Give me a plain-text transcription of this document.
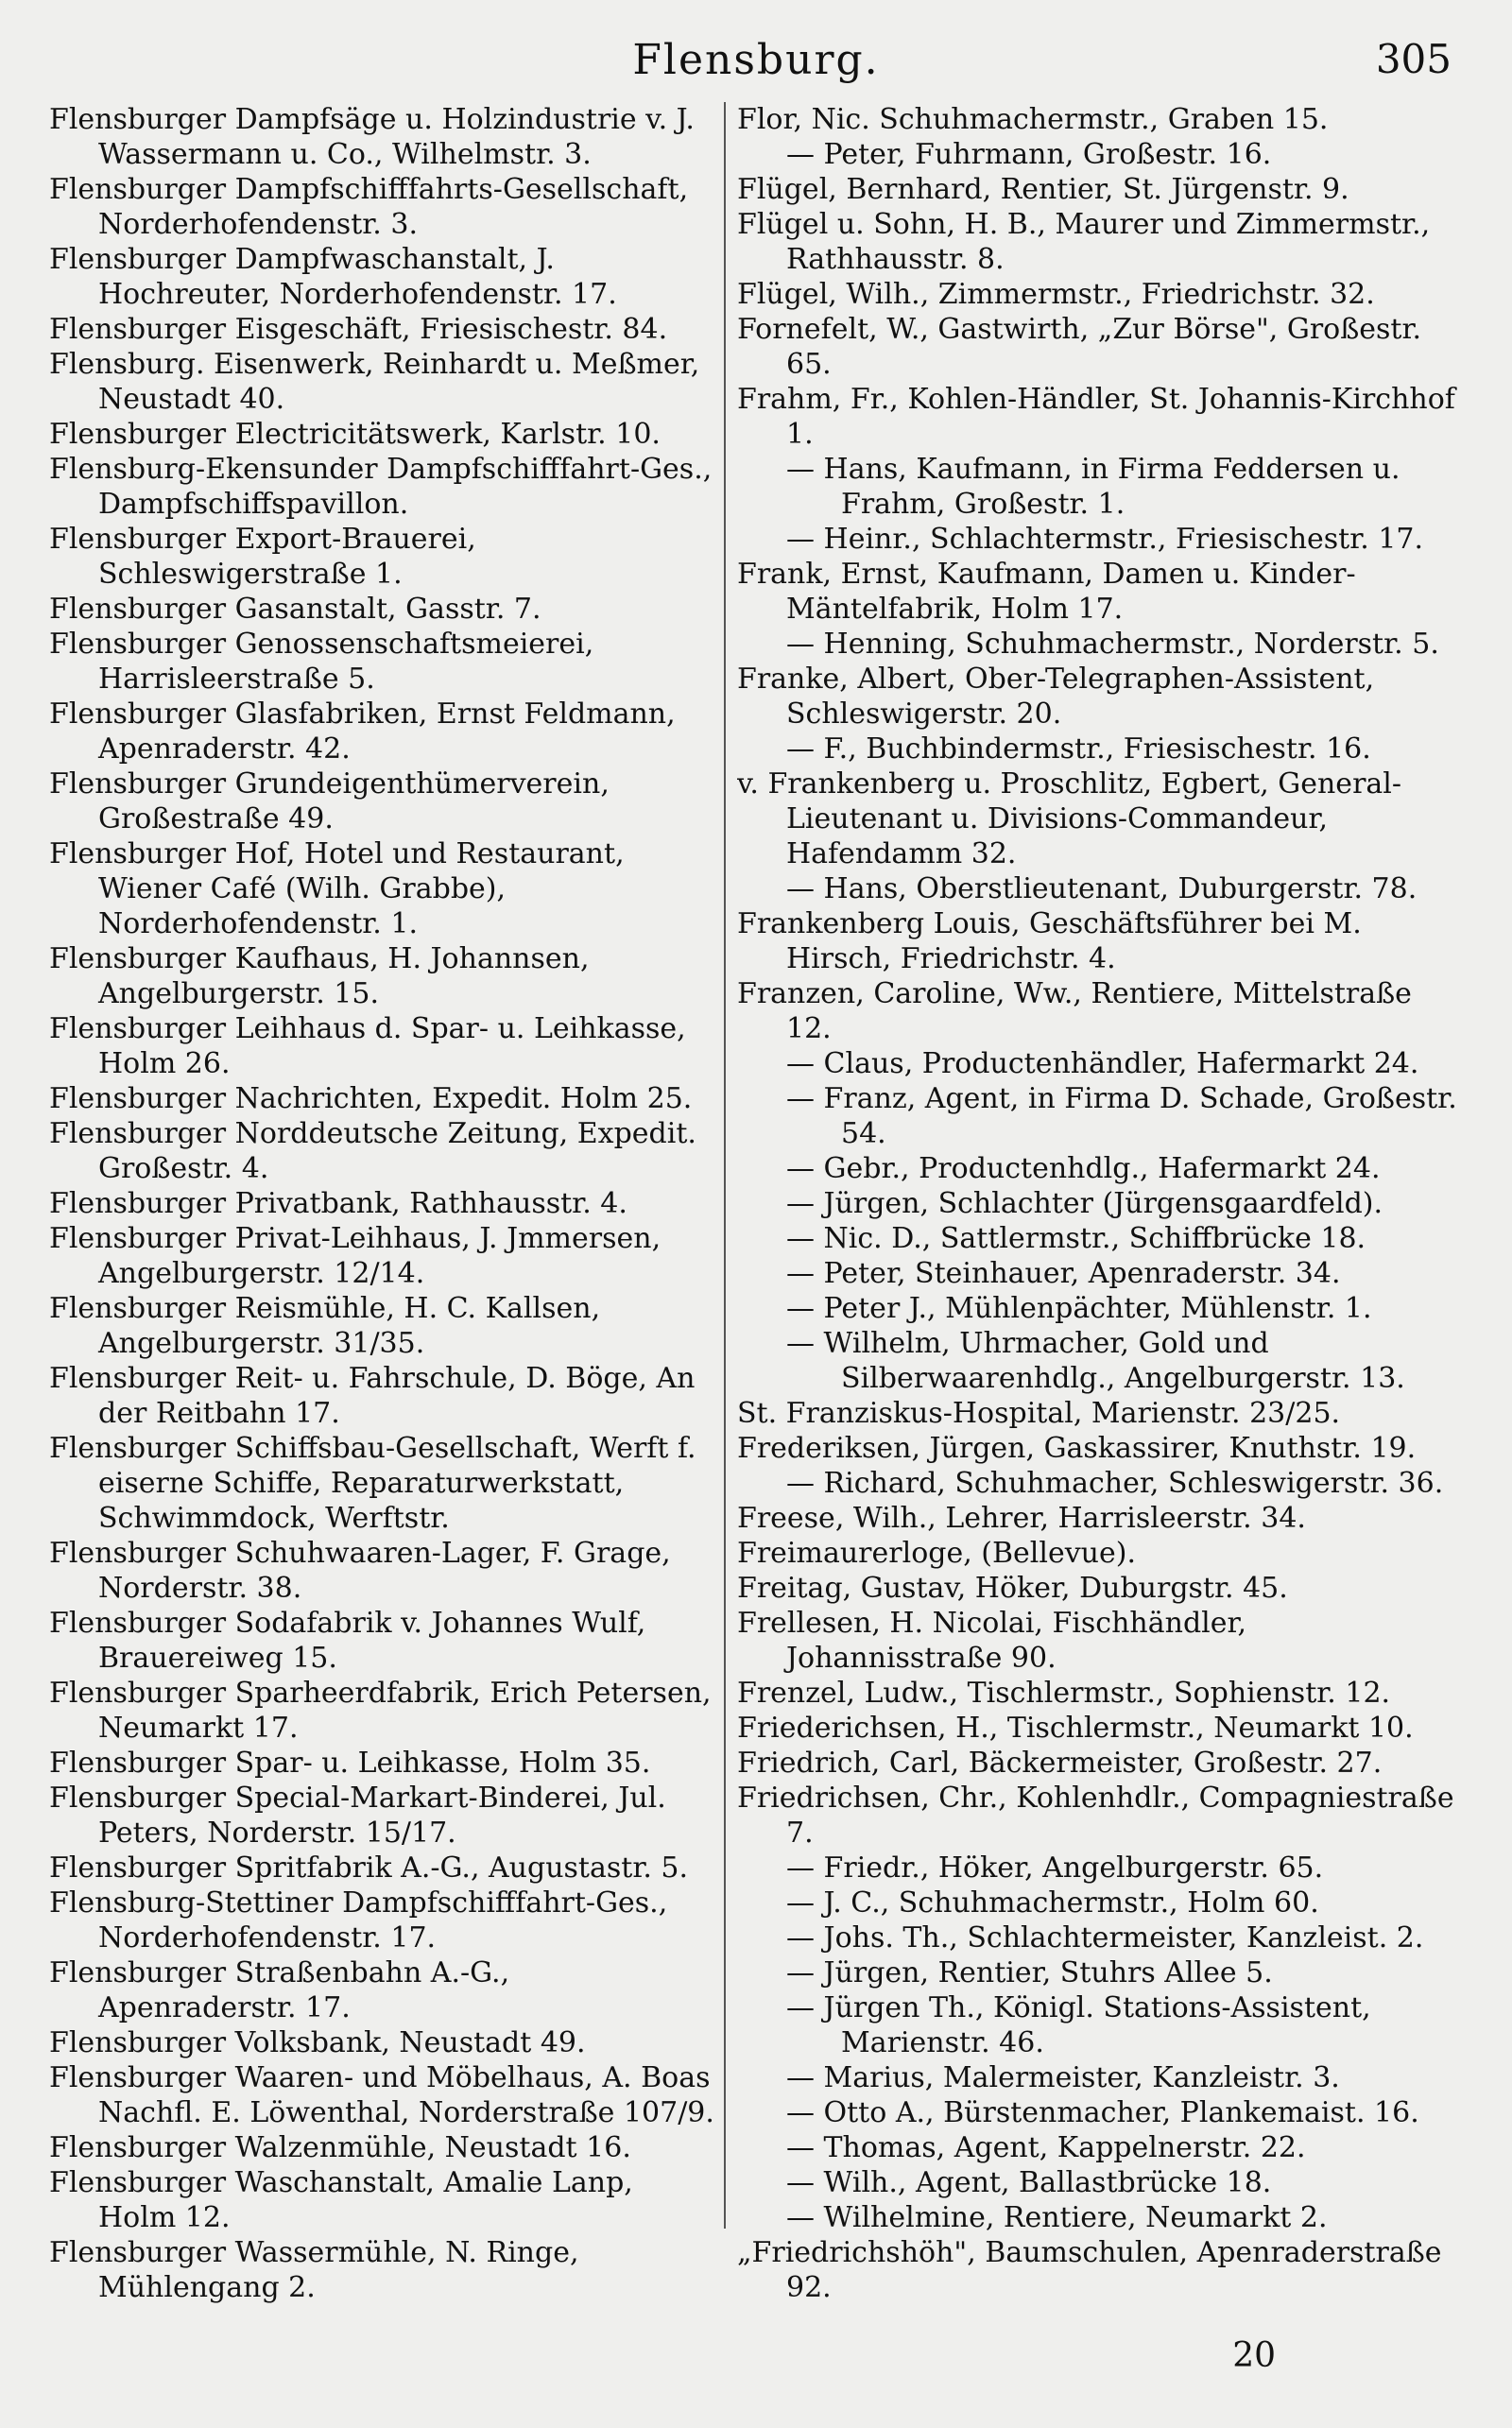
Flensburg.	305

Flensburger Dampfsäge u. Holzindustrie v. J. Wassermann u. Co., Wilhelmstr. 3.

Flensburger Dampfschifffahrts-Gesellschaft, Norderhofendenstr. 3.

Flensburger Dampfwaschanstalt, J. Hochreuter, Norderhofendenstr. 17.

Flensburger Eisgeschäft, Friesischestr. 84.

Flensburg. Eisenwerk, Reinhardt u. Meßmer, Neustadt 40.

Flensburger Electricitätswerk, Karlstr. 10.

Flensburg-Ekensunder Dampfschifffahrt-Ges., Dampfschiffspavillon.

Flensburger Export-Brauerei, Schleswigerstraße 1.

Flensburger Gasanstalt, Gasstr. 7.

Flensburger Genossenschaftsmeierei, Harrisleerstraße 5.

Flensburger Glasfabriken, Ernst Feldmann, Apenraderstr. 42.

Flensburger Grundeigenthümerverein, Großestraße 49.

Flensburger Hof, Hotel und Restaurant, Wiener Café (Wilh. Grabbe), Norderhofendenstr. 1.

Flensburger Kaufhaus, H. Johannsen, Angelburgerstr. 15.

Flensburger Leihhaus d. Spar- u. Leihkasse, Holm 26.

Flensburger Nachrichten, Expedit. Holm 25.

Flensburger Norddeutsche Zeitung, Expedit. Großestr. 4.

Flensburger Privatbank, Rathhausstr. 4.

Flensburger Privat-Leihhaus, J. Jmmersen, Angelburgerstr. 12/14.

Flensburger Reismühle, H. C. Kallsen, Angelburgerstr. 31/35.

Flensburger Reit- u. Fahrschule, D. Böge, An der Reitbahn 17.

Flensburger Schiffsbau-Gesellschaft, Werft f. eiserne Schiffe, Reparaturwerkstatt, Schwimmdock, Werftstr.

Flensburger Schuhwaaren-Lager, F. Grage, Norderstr. 38.

Flensburger Sodafabrik v. Johannes Wulf, Brauereiweg 15.

Flensburger Sparheerdfabrik, Erich Petersen, Neumarkt 17.

Flensburger Spar- u. Leihkasse, Holm 35.

Flensburger Special-Markart-Binderei, Jul. Peters, Norderstr. 15/17.

Flensburger Spritfabrik A.-G., Augustastr. 5.

Flensburg-Stettiner Dampfschifffahrt-Ges., Norderhofendenstr. 17.

Flensburger Straßenbahn A.-G., Apenraderstr. 17.

Flensburger Volksbank, Neustadt 49.

Flensburger Waaren- und Möbelhaus, A. Boas Nachfl. E. Löwenthal, Norderstraße 107/9.

Flensburger Walzenmühle, Neustadt 16.

Flensburger Waschanstalt, Amalie Lanp, Holm 12.

Flensburger Wassermühle, N. Ringe, Mühlengang 2.

Flor, Nic. Schuhmachermstr., Graben 15.

— Peter, Fuhrmann, Großestr. 16.

Flügel, Bernhard, Rentier, St. Jürgenstr. 9.

Flügel u. Sohn, H. B., Maurer und Zimmermstr., Rathhausstr. 8.

Flügel, Wilh., Zimmermstr., Friedrichstr. 32.

Fornefelt, W., Gastwirth, „Zur Börse", Großestr. 65.

Frahm, Fr., Kohlen-Händler, St. Johannis-Kirchhof 1.

— Hans, Kaufmann, in Firma Feddersen u. Frahm, Großestr. 1.

— Heinr., Schlachtermstr., Friesischestr. 17.

Frank, Ernst, Kaufmann, Damen u. Kinder-Mäntelfabrik, Holm 17.

— Henning, Schuhmachermstr., Norderstr. 5.

Franke, Albert, Ober-Telegraphen-Assistent, Schleswigerstr. 20.

— F., Buchbindermstr., Friesischestr. 16.

v. Frankenberg u. Proschlitz, Egbert, General-Lieutenant u. Divisions-Commandeur, Hafendamm 32.

— Hans, Oberstlieutenant, Duburgerstr. 78.

Frankenberg Louis, Geschäftsführer bei M. Hirsch, Friedrichstr. 4.

Franzen, Caroline, Ww., Rentiere, Mittelstraße 12.

— Claus, Productenhändler, Hafermarkt 24.

— Franz, Agent, in Firma D. Schade, Großestr. 54.

— Gebr., Productenhdlg., Hafermarkt 24.

— Jürgen, Schlachter (Jürgensgaardfeld).

— Nic. D., Sattlermstr., Schiffbrücke 18.

— Peter, Steinhauer, Apenraderstr. 34.

— Peter J., Mühlenpächter, Mühlenstr. 1.

— Wilhelm, Uhrmacher, Gold und Silberwaarenhdlg., Angelburgerstr. 13.

St. Franziskus-Hospital, Marienstr. 23/25.

Frederiksen, Jürgen, Gaskassirer, Knuthstr. 19.

— Richard, Schuhmacher, Schleswigerstr. 36.

Freese, Wilh., Lehrer, Harrisleerstr. 34.

Freimaurerloge, (Bellevue).

Freitag, Gustav, Höker, Duburgstr. 45.

Frellesen, H. Nicolai, Fischhändler, Johannisstraße 90.

Frenzel, Ludw., Tischlermstr., Sophienstr. 12.

Friederichsen, H., Tischlermstr., Neumarkt 10.

Friedrich, Carl, Bäckermeister, Großestr. 27.

Friedrichsen, Chr., Kohlenhdlr., Compagniestraße 7.

— Friedr., Höker, Angelburgerstr. 65.

— J. C., Schuhmachermstr., Holm 60.

— Johs. Th., Schlachtermeister, Kanzleist. 2.

— Jürgen, Rentier, Stuhrs Allee 5.

— Jürgen Th., Königl. Stations-Assistent, Marienstr. 46.

— Marius, Malermeister, Kanzleistr. 3.

— Otto A., Bürstenmacher, Plankemaist. 16.

— Thomas, Agent, Kappelnerstr. 22.

— Wilh., Agent, Ballastbrücke 18.

— Wilhelmine, Rentiere, Neumarkt 2.

„Friedrichshöh", Baumschulen, Apenraderstraße 92.

20
